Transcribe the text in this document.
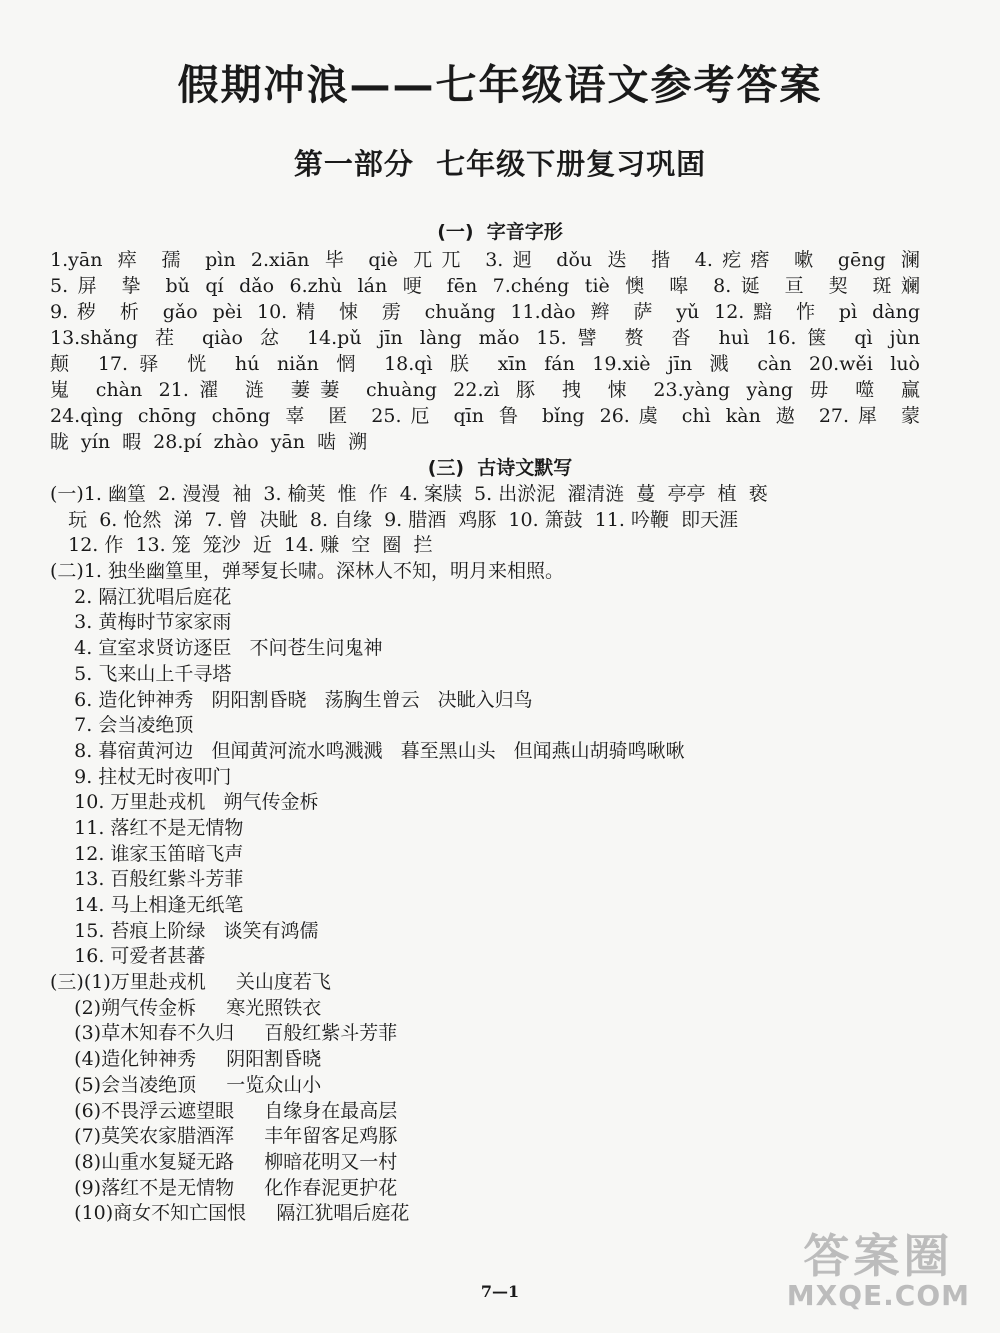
假期冲浪——七年级语文参考答案
第一部分  七年级下册复习巩固
(一)  字音字形
1.yān 瘁 孺 pìn 2.xiān 毕 qiè 兀兀 3.迥 dǒu 迭 揩 4.疙瘩 嗽 gēng 澜
5.屏 挚 bǔ qí dǎo 6.zhù lán 哽 fēn 7.chéng tiè 懊 嗥 8.诞 亘 契 斑斓
9.秽 析 gǎo pèi 10.精 悚 雳 chuǎng 11.dào 辫 萨 yǔ 12.黯 怍 pì dàng
13.shǎng 茬 qiào 忿 14.pǔ jīn làng mǎo 15.譬 赘 沓 huì 16.箧 qì jùn
颠 17.驿 恍 hú niǎn 惘 18.qì 朕 xīn fán 19.xiè jīn 溅 càn 20.wěi luò
嵬 chàn 21.濯 涟 萋萋 chuàng 22.zì 豚 拽 悚 23.yàng yàng 毋 噬 赢
24.qìng chōng chōng 辜 匿 25.厄 qīn 鲁 bǐng 26.虞 chì kàn 遨 27.犀 蒙
眬 yín 暇 28.pí zhào yān 啮 溯
(三)  古诗文默写
(一)1. 幽篁  2. 漫漫  袖  3. 榆荚  惟  作  4. 案牍  5. 出淤泥  濯清涟  蔓  亭亭  植  亵
玩  6. 怆然  涕  7. 曾  决眦  8. 自缘  9. 腊酒  鸡豚  10. 箫鼓  11. 吟鞭  即天涯
12. 作  13. 笼  笼沙  近  14. 赚  空  圈  拦
(二)1. 独坐幽篁里，弹琴复长啸。深林人不知，明月来相照。
2. 隔江犹唱后庭花
3. 黄梅时节家家雨
4. 宣室求贤访逐臣   不问苍生问鬼神
5. 飞来山上千寻塔
6. 造化钟神秀   阴阳割昏晓   荡胸生曾云   决眦入归鸟
7. 会当凌绝顶
8. 暮宿黄河边   但闻黄河流水鸣溅溅   暮至黑山头   但闻燕山胡骑鸣啾啾
9. 拄杖无时夜叩门
10. 万里赴戎机   朔气传金柝
11. 落红不是无情物
12. 谁家玉笛暗飞声
13. 百般红紫斗芳菲
14. 马上相逢无纸笔
15. 苔痕上阶绿   谈笑有鸿儒
16. 可爱者甚蕃
(三)(1)万里赴戎机     关山度若飞
(2)朔气传金柝     寒光照铁衣
(3)草木知春不久归     百般红紫斗芳菲
(4)造化钟神秀     阴阳割昏晓
(5)会当凌绝顶     一览众山小
(6)不畏浮云遮望眼     自缘身在最高层
(7)莫笑农家腊酒浑     丰年留客足鸡豚
(8)山重水复疑无路     柳暗花明又一村
(9)落红不是无情物     化作春泥更护花
(10)商女不知亡国恨     隔江犹唱后庭花
7—1
答案圈
MXQE.COM
